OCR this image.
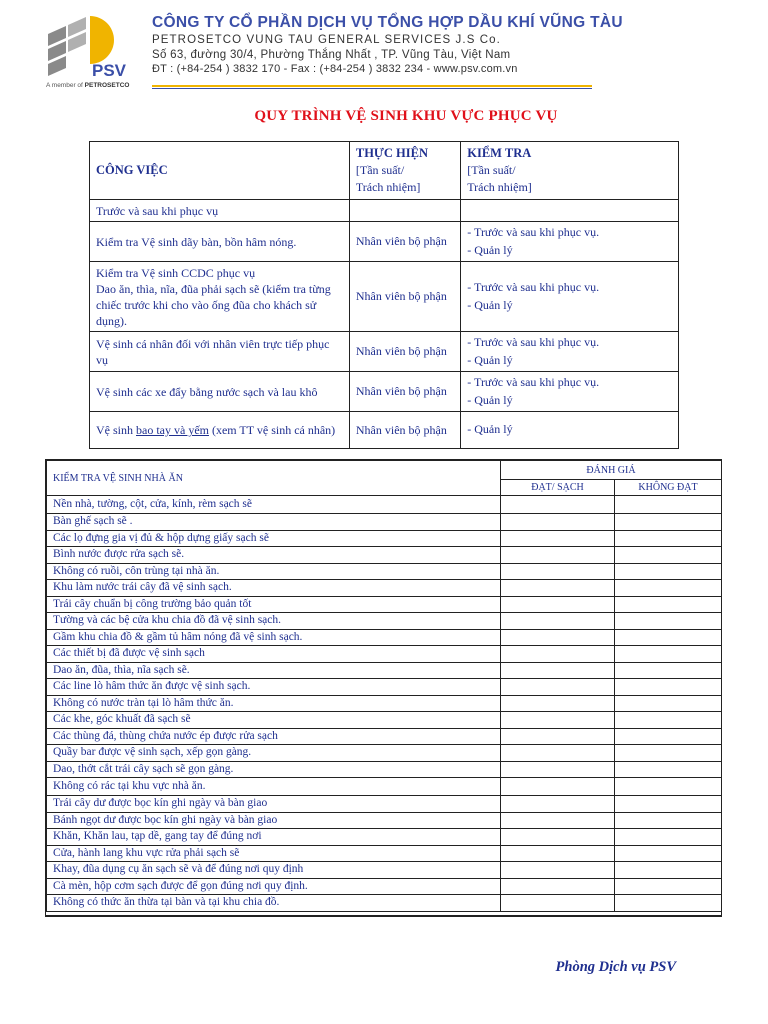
PSV
A member of PETROSETCO
CÔNG TY CỔ PHẦN DỊCH VỤ TỔNG HỢP DẦU KHÍ VŨNG TÀU
PETROSETCO VUNG TAU GENERAL SERVICES J.S Co.
Số 63, đường 30/4, Phường Thắng Nhất , TP. Vũng Tàu, Việt Nam
ĐT : (+84-254 ) 3832 170 - Fax : (+84-254 ) 3832 234 - www.psv.com.vn
QUY TRÌNH VỆ SINH KHU VỰC PHỤC VỤ
CÔNG VIỆC	THỰC HIỆN
[Tần suất/
Trách nhiệm]	KIỂM TRA
[Tần suất/
Trách nhiệm]

Trước và sau khi phục vụ		
Kiểm tra Vệ sinh dãy bàn, bồn hâm nóng.	Nhân viên bộ phận	- Trước và sau khi phục vụ.
- Quản lý

Kiểm tra Vệ sinh CCDC phục vụ
Dao ăn, thìa, nĩa, đũa phải sạch sẽ (kiểm tra từng chiếc trước khi cho vào ống đũa cho khách sử dụng).	Nhân viên bộ phận	- Trước và sau khi phục vụ.
- Quản lý

Vệ sinh cá nhân đối với nhân viên trực tiếp phục vụ	Nhân viên bộ phận	- Trước và sau khi phục vụ.
- Quản lý

Vệ sinh các xe đẩy bằng nước sạch và lau khô	Nhân viên bộ phận	- Trước và sau khi phục vụ.
- Quản lý

Vệ sinh bao tay và yếm (xem TT vệ sinh cá nhân)	Nhân viên bộ phận	- Quản lý
KIỂM TRA VỆ SINH NHÀ ĂN	ĐÁNH GIÁ	
	ĐẠT/ SẠCH	KHÔNG ĐẠT
Nền nhà, tường, cột, cửa, kính, rèm sạch sẽ		
Bàn ghế sạch sẽ .		
Các lọ đựng gia vị đủ & hộp dựng giấy sạch sẽ		
Bình nước được rửa sạch sẽ.		
Không có ruồi, côn trùng tại nhà ăn.		
Khu làm nước trái cây đã vệ sinh sạch.		
Trái cây chuẩn bị công trường bảo quản tốt		
Tường và các bệ cửa khu chia đồ đã vệ sinh sạch.		
Gầm khu chia đồ & gầm tủ hâm nóng đã vệ sinh sạch.		
Các thiết bị đã được vệ sinh sạch		
Dao ăn, đũa, thìa, nĩa sạch sẽ.		
Các line lò hâm thức ăn được vệ sinh sạch.		
Không có nước tràn tại lò hâm thức ăn.		
Các khe, góc khuất đã sạch sẽ		
Các thùng đá, thùng chứa nước ép được rửa sạch		
Quầy bar được vệ sinh sạch, xếp gọn gàng.		
Dao, thớt cắt trái cây sạch sẽ gọn gàng.		
Không có rác tại khu vực nhà ăn.		
Trái cây dư được bọc kín ghi ngày và bàn giao		
Bánh ngọt dư được bọc kín ghi ngày và bàn giao		
Khăn, Khăn lau, tạp dề, gang tay để đúng nơi		
Cửa, hành lang khu vực rửa phải sạch sẽ		
Khay, đũa dụng cụ ăn sạch sẽ và để đúng nơi quy định		
Cà mèn, hộp cơm sạch được để gọn đúng nơi quy định.		
Không có thức ăn thừa tại bàn và tại khu chia đồ.		
Phòng Dịch vụ PSV
